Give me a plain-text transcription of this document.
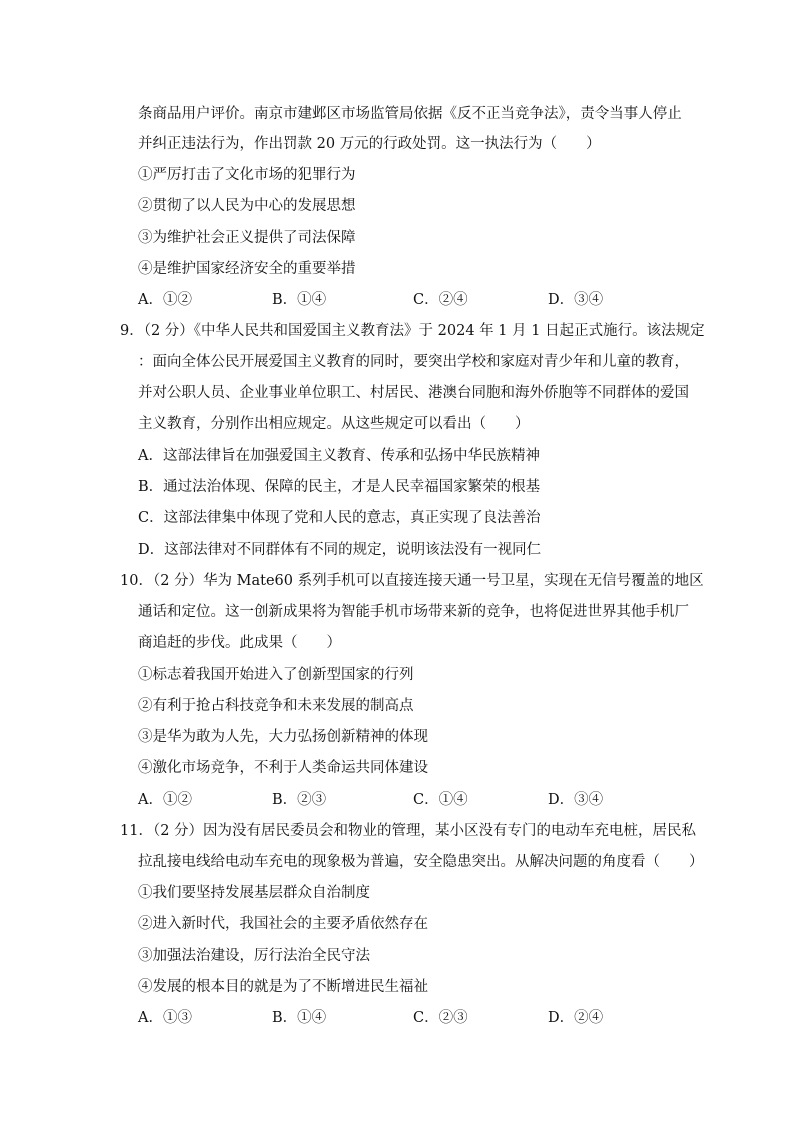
条商品用户评价。南京市建邺区市场监管局依据《反不正当竞争法》，责令当事人停止
并纠正违法行为，作出罚款 20 万元的行政处罚。这一执法行为（　　）
①严厉打击了文化市场的犯罪行为
②贯彻了以人民为中心的发展思想
③为维护社会正义提供了司法保障
④是维护国家经济安全的重要举措
A．①②	B．①④	C．②④	D．③④
9．（2 分）《中华人民共和国爱国主义教育法》于 2024 年 1 月 1 日起正式施行。该法规定
：面向全体公民开展爱国主义教育的同时，要突出学校和家庭对青少年和儿童的教育，
并对公职人员、企业事业单位职工、村居民、港澳台同胞和海外侨胞等不同群体的爱国
主义教育，分别作出相应规定。从这些规定可以看出（　　）
A．这部法律旨在加强爱国主义教育、传承和弘扬中华民族精神
B．通过法治体现、保障的民主，才是人民幸福国家繁荣的根基
C．这部法律集中体现了党和人民的意志，真正实现了良法善治
D．这部法律对不同群体有不同的规定，说明该法没有一视同仁
10．（2 分）华为 Mate60 系列手机可以直接连接天通一号卫星，实现在无信号覆盖的地区
通话和定位。这一创新成果将为智能手机市场带来新的竞争，也将促进世界其他手机厂
商追赶的步伐。此成果（　　）
①标志着我国开始进入了创新型国家的行列
②有利于抢占科技竞争和未来发展的制高点
③是华为敢为人先，大力弘扬创新精神的体现
④激化市场竞争，不利于人类命运共同体建设
A．①②	B．②③	C．①④	D．③④
11．（2 分）因为没有居民委员会和物业的管理，某小区没有专门的电动车充电桩，居民私
拉乱接电线给电动车充电的现象极为普遍，安全隐患突出。从解决问题的角度看（　　）
①我们要坚持发展基层群众自治制度
②进入新时代，我国社会的主要矛盾依然存在
③加强法治建设，厉行法治全民守法
④发展的根本目的就是为了不断增进民生福祉
A．①③	B．①④	C．②③	D．②④
